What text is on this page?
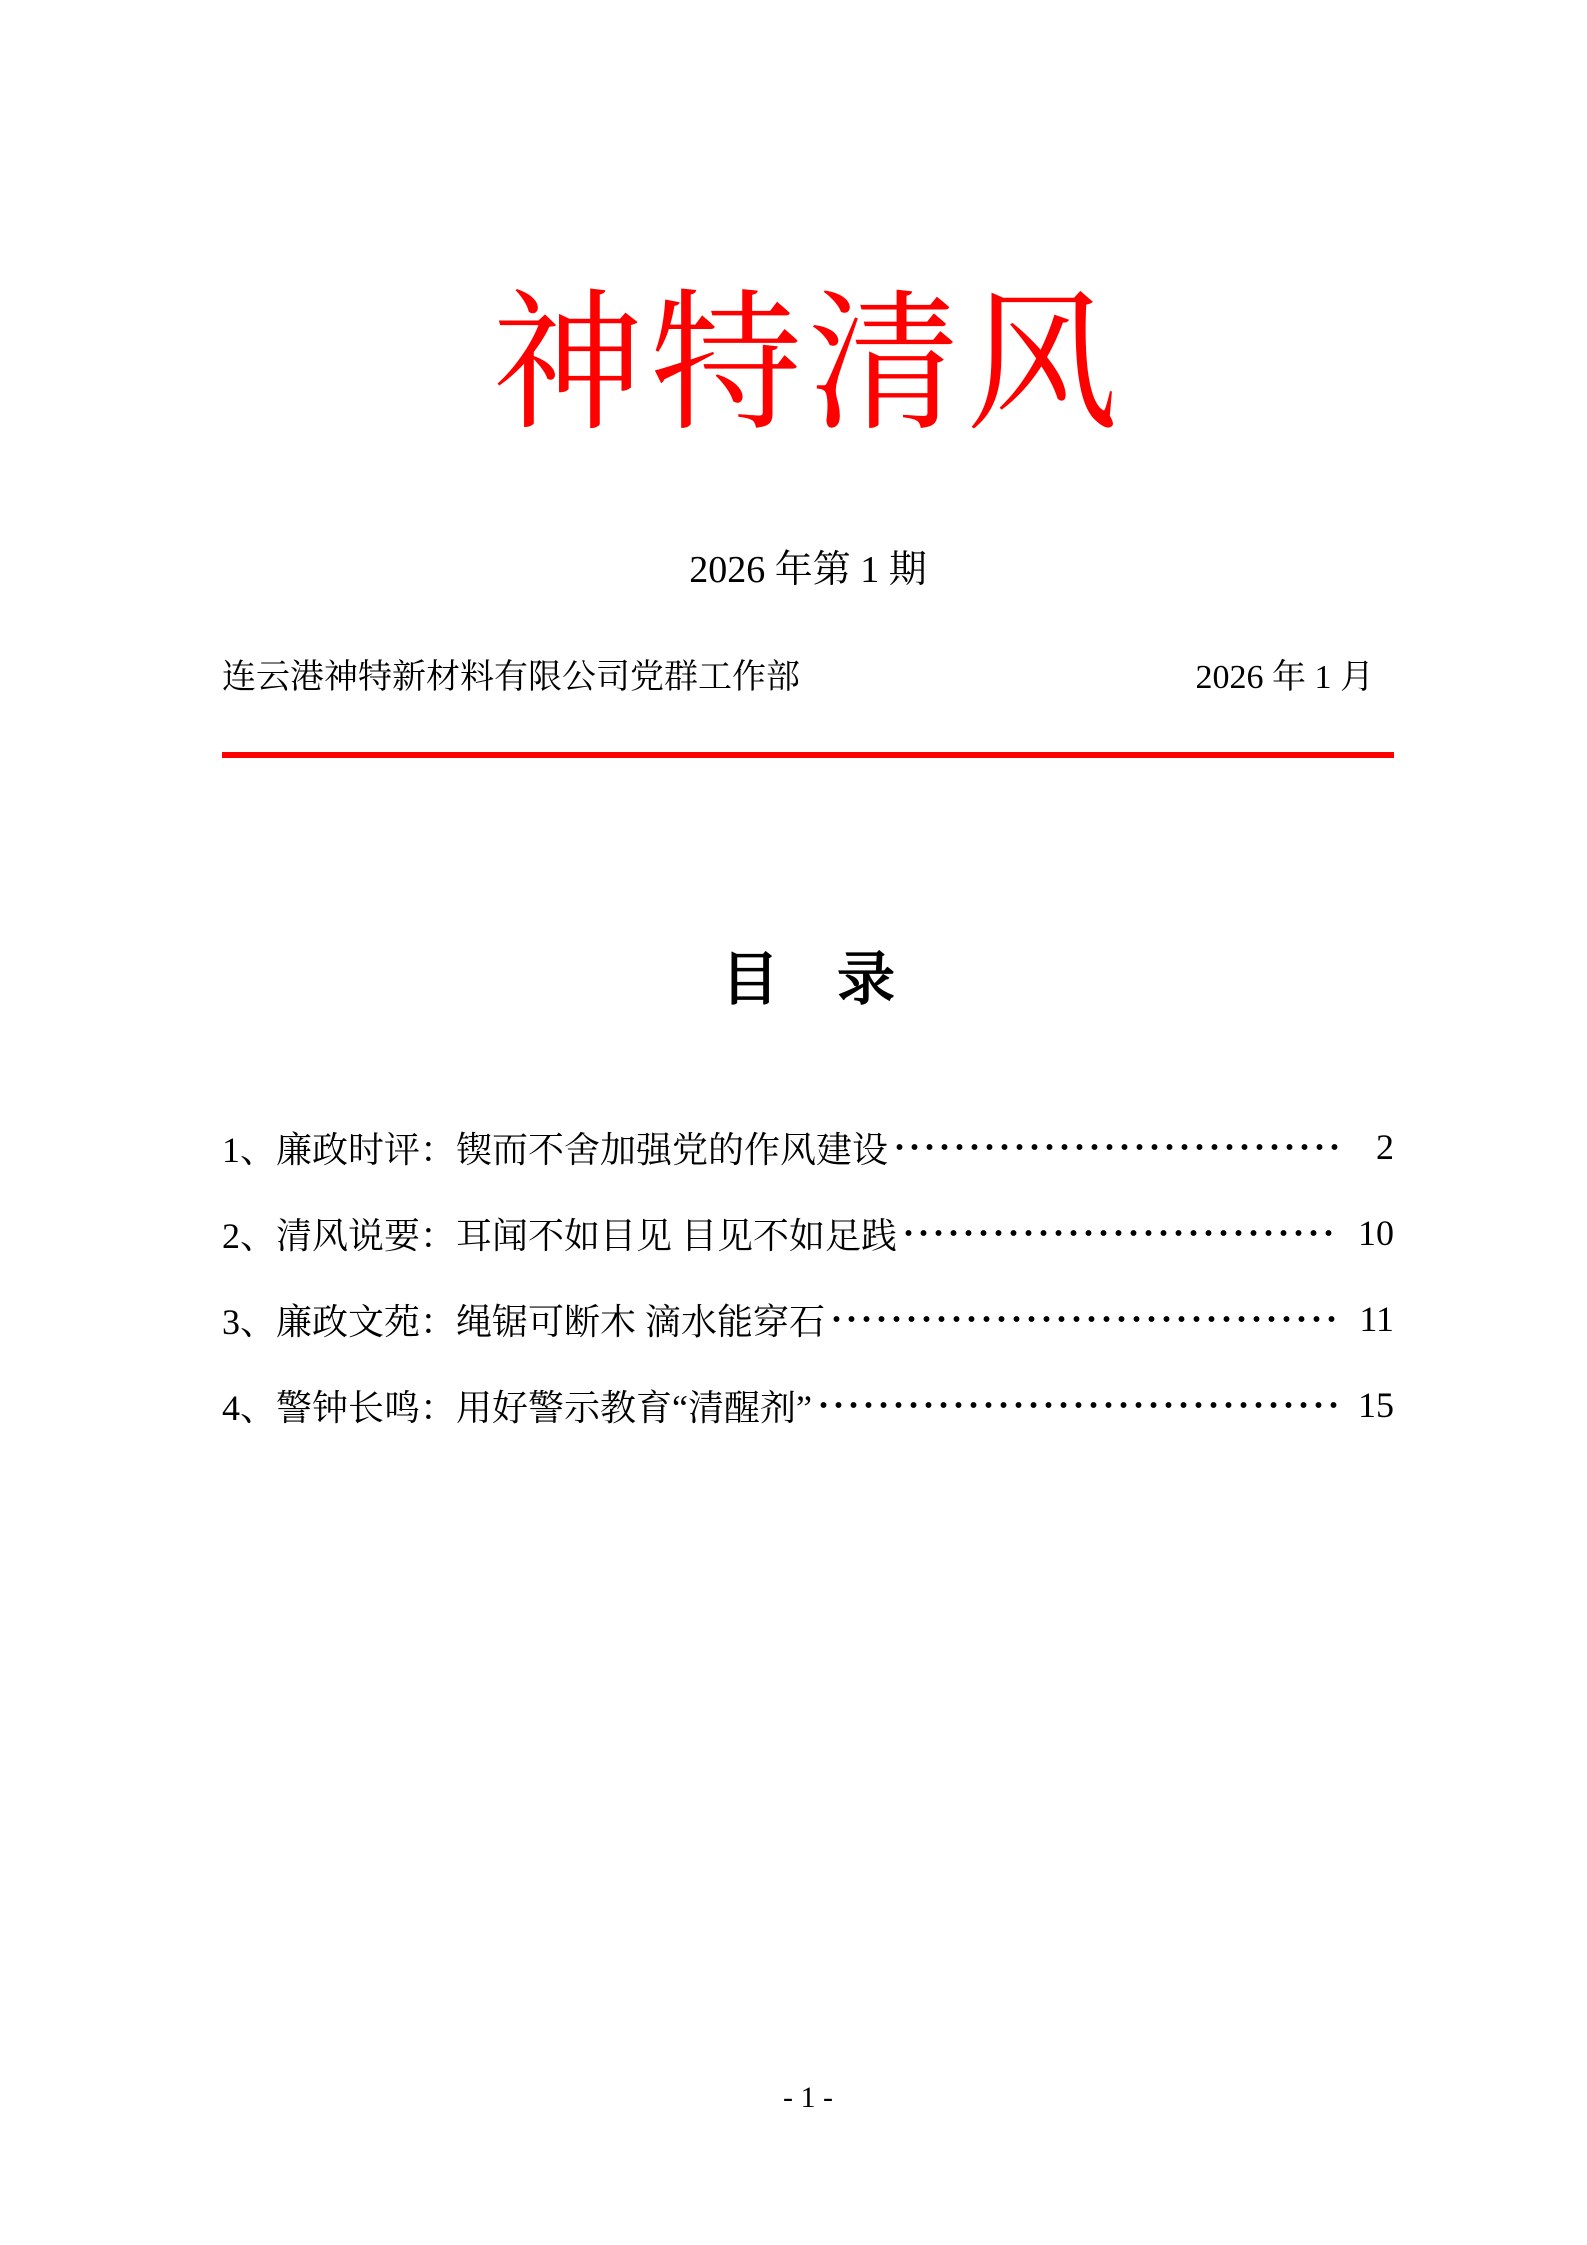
神特清风
2026 年第 1 期
连云港神特新材料有限公司党群工作部	2026 年 1 月
目　录
1、廉政时评：锲而不舍加强党的作风建设	2
2、清风说要：耳闻不如目见 目见不如足践	10
3、廉政文苑：绳锯可断木 滴水能穿石	11
4、警钟长鸣：用好警示教育“清醒剂”	15
- 1 -
